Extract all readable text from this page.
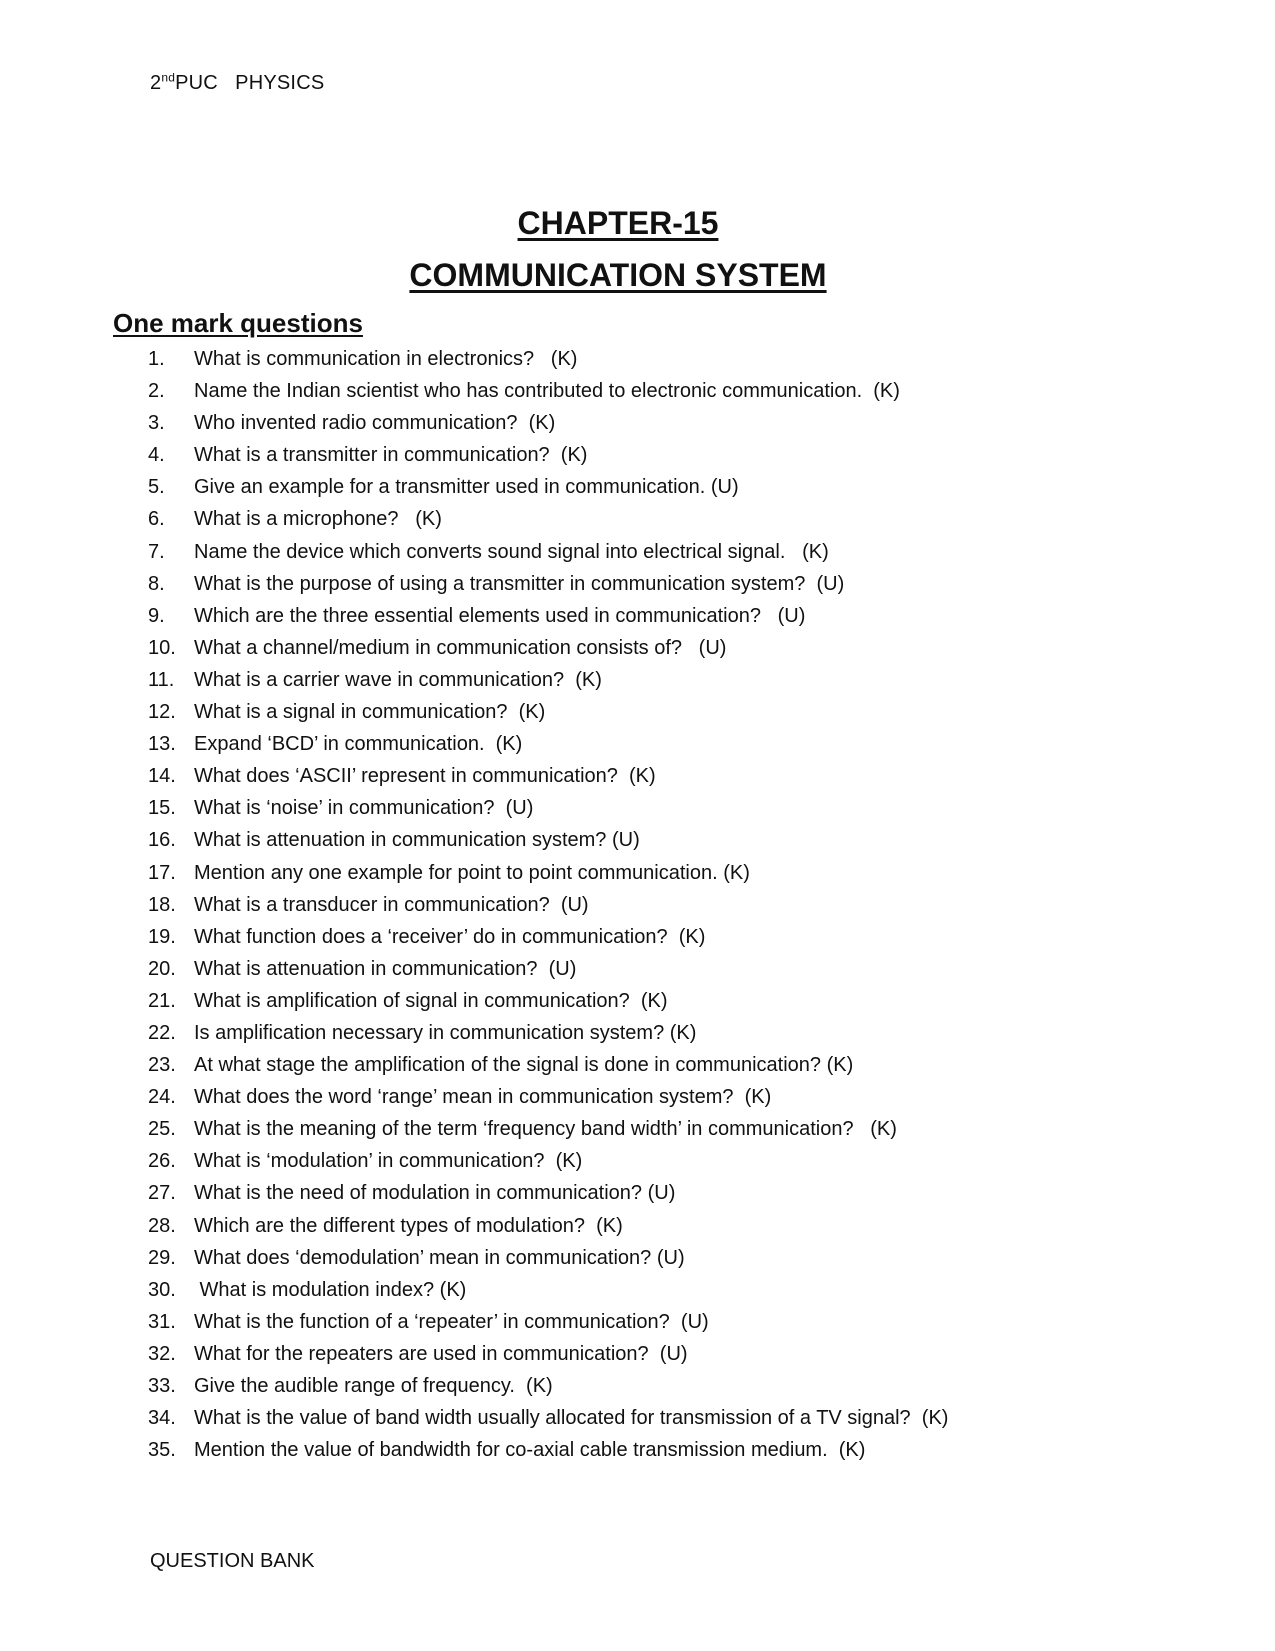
2ndPUC   PHYSICS
CHAPTER-15
COMMUNICATION SYSTEM
One mark questions
1.	What is communication in electronics?   (K)
2.	Name the Indian scientist who has contributed to electronic communication.  (K)
3.	Who invented radio communication?  (K)
4.	What is a transmitter in communication?  (K)
5.	Give an example for a transmitter used in communication. (U)
6.	What is a microphone?   (K)
7.	Name the device which converts sound signal into electrical signal.   (K)
8.	What is the purpose of using a transmitter in communication system?  (U)
9.	Which are the three essential elements used in communication?   (U)
10. What a channel/medium in communication consists of?   (U)
11. What is a carrier wave in communication?  (K)
12. What is a signal in communication?  (K)
13. Expand ‘BCD’ in communication.  (K)
14. What does ‘ASCII’ represent in communication?  (K)
15. What is ‘noise’ in communication?  (U)
16. What is attenuation in communication system? (U)
17. Mention any one example for point to point communication. (K)
18. What is a transducer in communication?  (U)
19. What function does a ‘receiver’ do in communication?  (K)
20. What is attenuation in communication?  (U)
21. What is amplification of signal in communication?  (K)
22. Is amplification necessary in communication system? (K)
23. At what stage the amplification of the signal is done in communication? (K)
24. What does the word ‘range’ mean in communication system?  (K)
25. What is the meaning of the term ‘frequency band width’ in communication?   (K)
26. What is ‘modulation’ in communication?  (K)
27. What is the need of modulation in communication? (U)
28. Which are the different types of modulation?  (K)
29. What does ‘demodulation’ mean in communication? (U)
30. What is modulation index? (K)
31. What is the function of a ‘repeater’ in communication?  (U)
32. What for the repeaters are used in communication?  (U)
33. Give the audible range of frequency.  (K)
34. What is the value of band width usually allocated for transmission of a TV signal?  (K)
35. Mention the value of bandwidth for co-axial cable transmission medium.  (K)
QUESTION BANK
